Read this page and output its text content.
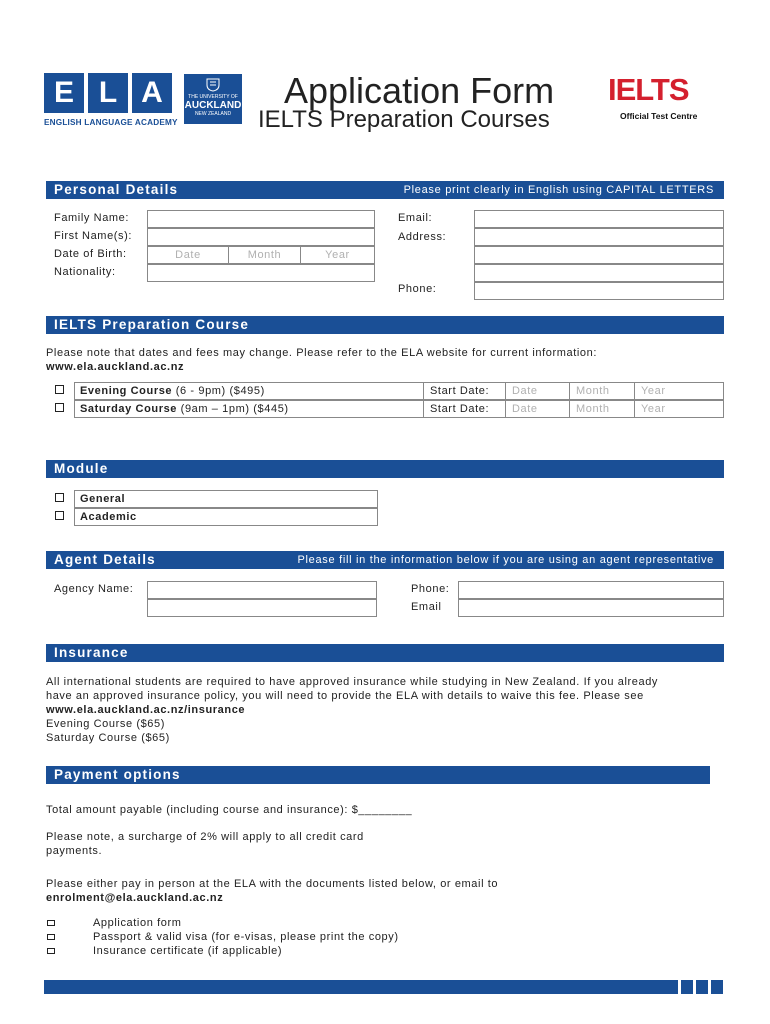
E L A
ENGLISH LANGUAGE ACADEMY
THE UNIVERSITY OF
AUCKLAND
NEW ZEALAND
Application Form
IELTS Preparation Courses
IELTS
Official Test Centre
Personal Details	Please print clearly in English using CAPITAL LETTERS
Family Name:
First Name(s):
Date of Birth:	Date	Month	Year
Nationality:
Email:
Address:
Phone:
IELTS Preparation Course
Please note that dates and fees may change. Please refer to the ELA website for current information:
www.ela.auckland.ac.nz
Evening Course (6 - 9pm) ($495)	Start Date:	Date	Month	Year
Saturday Course (9am – 1pm) ($445)	Start Date:	Date	Month	Year
Module
General
Academic
Agent Details	Please fill in the information below if you are using an agent representative
Agency Name:	Phone:
Email
Insurance
All international students are required to have approved insurance while studying in New Zealand. If you already
have an approved insurance policy, you will need to provide the ELA with details to waive this fee. Please see
www.ela.auckland.ac.nz/insurance
Evening Course ($65)
Saturday Course ($65)
Payment options
Total amount payable (including course and insurance): $________
Please note, a surcharge of 2% will apply to all credit card
payments.
Please either pay in person at the ELA with the documents listed below, or email to
enrolment@ela.auckland.ac.nz
Application form
Passport & valid visa (for e-visas, please print the copy)
Insurance certificate (if applicable)
